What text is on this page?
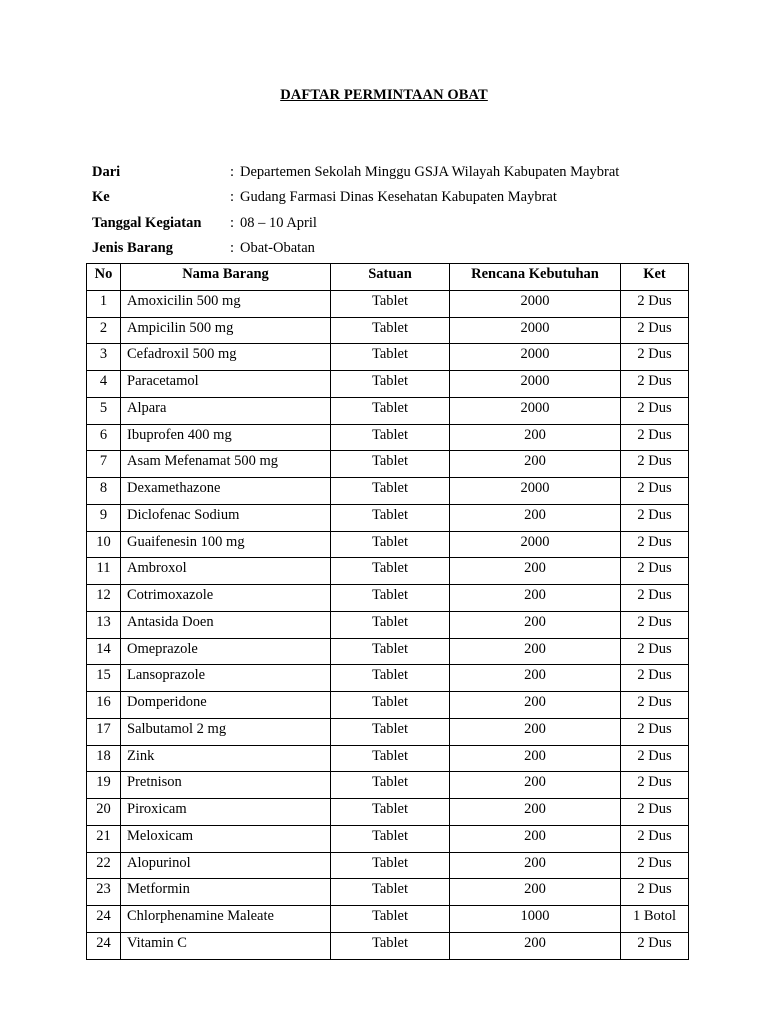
DAFTAR PERMINTAAN OBAT
Dari	: Departemen Sekolah Minggu GSJA Wilayah Kabupaten Maybrat
Ke	: Gudang Farmasi Dinas Kesehatan Kabupaten Maybrat
Tanggal Kegiatan	: 08 – 10 April
Jenis Barang	: Obat-Obatan
No	Nama Barang	Satuan	Rencana Kebutuhan	Ket
1	Amoxicilin 500 mg	Tablet	2000	2 Dus
2	Ampicilin 500 mg	Tablet	2000	2 Dus
3	Cefadroxil 500 mg	Tablet	2000	2 Dus
4	Paracetamol	Tablet	2000	2 Dus
5	Alpara	Tablet	2000	2 Dus
6	Ibuprofen 400 mg	Tablet	200	2 Dus
7	Asam Mefenamat 500 mg	Tablet	200	2 Dus
8	Dexamethazone	Tablet	2000	2 Dus
9	Diclofenac Sodium	Tablet	200	2 Dus
10	Guaifenesin 100 mg	Tablet	2000	2 Dus
11	Ambroxol	Tablet	200	2 Dus
12	Cotrimoxazole	Tablet	200	2 Dus
13	Antasida Doen	Tablet	200	2 Dus
14	Omeprazole	Tablet	200	2 Dus
15	Lansoprazole	Tablet	200	2 Dus
16	Domperidone	Tablet	200	2 Dus
17	Salbutamol 2 mg	Tablet	200	2 Dus
18	Zink	Tablet	200	2 Dus
19	Pretnison	Tablet	200	2 Dus
20	Piroxicam	Tablet	200	2 Dus
21	Meloxicam	Tablet	200	2 Dus
22	Alopurinol	Tablet	200	2 Dus
23	Metformin	Tablet	200	2 Dus
24	Chlorphenamine Maleate	Tablet	1000	1 Botol
24	Vitamin C	Tablet	200	2 Dus
